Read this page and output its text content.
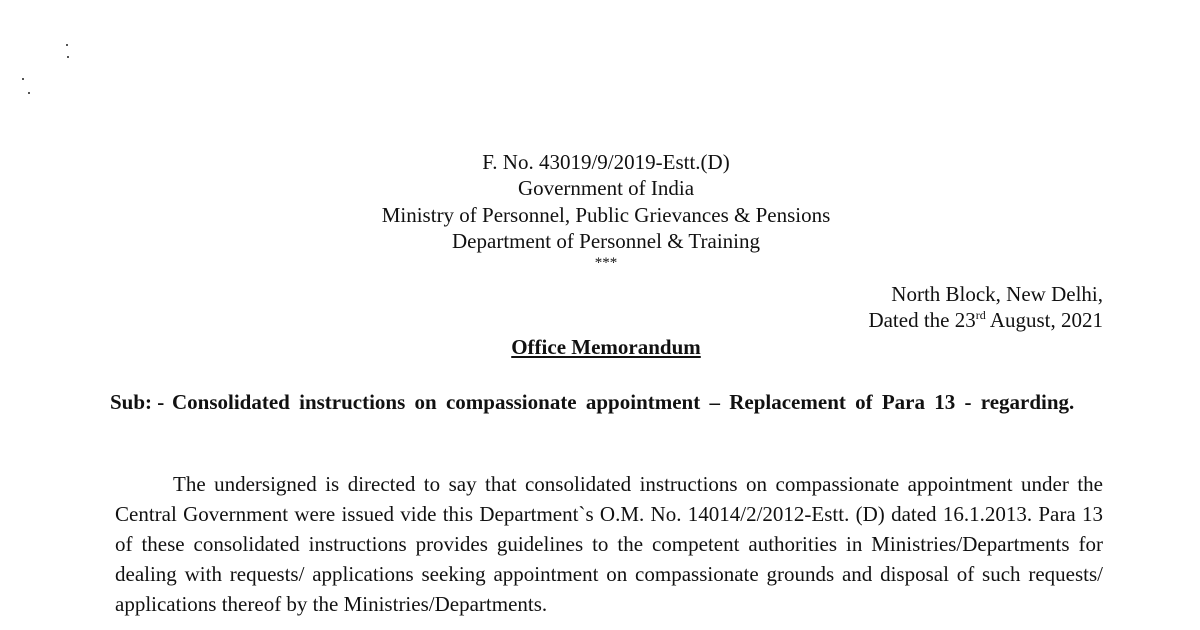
F. No. 43019/9/2019-Estt.(D)
Government of India
Ministry of Personnel, Public Grievances & Pensions
Department of Personnel & Training
***
North Block, New Delhi,
Dated the 23rd August, 2021
Office Memorandum
Sub: - Consolidated instructions on compassionate appointment – Replacement of Para 13 - regarding.

The undersigned is directed to say that consolidated instructions on compassionate appointment under the Central Government were issued vide this Department`s O.M. No. 14014/2/2012-Estt. (D) dated 16.1.2013. Para 13 of these consolidated instructions provides guidelines to the competent authorities in Ministries/Departments for dealing with requests/ applications seeking appointment on compassionate grounds and disposal of such requests/ applications thereof by the Ministries/Departments.
